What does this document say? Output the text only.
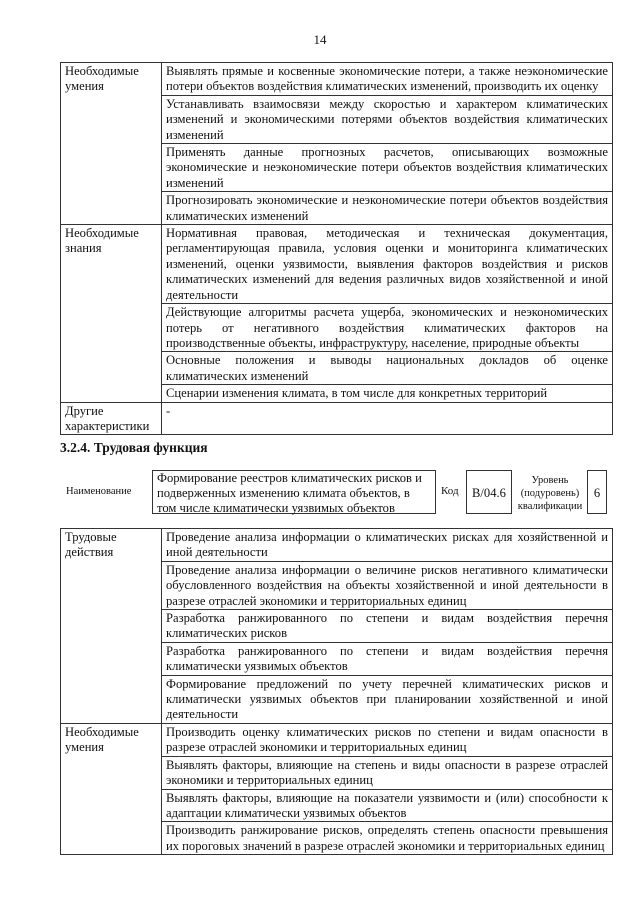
14
Необходимые умения	Выявлять прямые и косвенные экономические потери, а также неэкономические потери объектов воздействия климатических изменений, производить их оценку
	Устанавливать взаимосвязи между скоростью и характером климатических изменений и экономическими потерями объектов воздействия климатических изменений
	Применять данные прогнозных расчетов, описывающих возможные экономические и неэкономические потери объектов воздействия климатических изменений
	Прогнозировать экономические и неэкономические потери объектов воздействия климатических изменений
Необходимые знания	Нормативная правовая, методическая и техническая документация, регламентирующая правила, условия оценки и мониторинга климатических изменений, оценки уязвимости, выявления факторов воздействия и рисков климатических изменений для ведения различных видов хозяйственной и иной деятельности
	Действующие алгоритмы расчета ущерба, экономических и неэкономических потерь от негативного воздействия климатических факторов на производственные объекты, инфраструктуру, население, природные объекты
	Основные положения и выводы национальных докладов об оценке климатических изменений
	Сценарии изменения климата, в том числе для конкретных территорий
Другие характеристики	-
3.2.4. Трудовая функция
Наименование
Формирование реестров климатических рисков и подверженных изменению климата объектов, в том числе климатически уязвимых объектов
Код	B/04.6
Уровень (подуровень) квалификации
6
Трудовые действия	Проведение анализа информации о климатических рисках для хозяйственной и иной деятельности
	Проведение анализа информации о величине рисков негативного климатически обусловленного воздействия на объекты хозяйственной и иной деятельности в разрезе отраслей экономики и территориальных единиц
	Разработка ранжированного по степени и видам воздействия перечня климатических рисков
	Разработка ранжированного по степени и видам воздействия перечня климатически уязвимых объектов
	Формирование предложений по учету перечней климатических рисков и климатически уязвимых объектов при планировании хозяйственной и иной деятельности
Необходимые умения	Производить оценку климатических рисков по степени и видам опасности в разрезе отраслей экономики и территориальных единиц
	Выявлять факторы, влияющие на степень и виды опасности в разрезе отраслей экономики и территориальных единиц
	Выявлять факторы, влияющие на показатели уязвимости и (или) способности к адаптации климатически уязвимых объектов
	Производить ранжирование рисков, определять степень опасности превышения их пороговых значений в разрезе отраслей экономики и территориальных единиц
